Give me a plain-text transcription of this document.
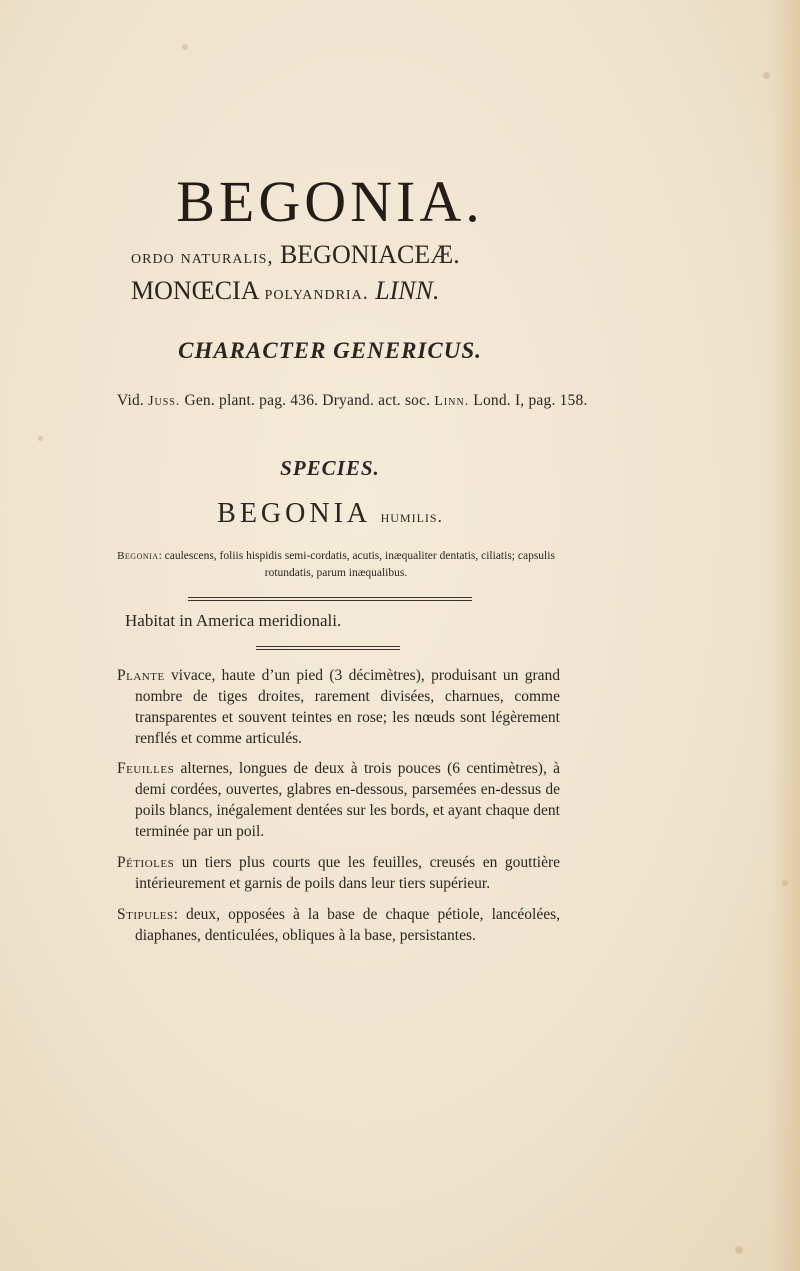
BEGONIA.

ordo naturalis, BEGONIACEÆ.

MONŒCIA polyandria. LINN.

CHARACTER GENERICUS.

Vid. Juss. Gen. plant. pag. 436. Dryand. act. soc. Linn. Lond. I, pag. 158.

SPECIES.

BEGONIA humilis.

Begonia: caulescens, foliis hispidis semi-cordatis, acutis, inæqualiter dentatis, ciliatis; capsulis rotundatis, parum inæqualibus.

Habitat in America meridionali.

Plante vivace, haute d’un pied (3 décimètres), produisant un grand nombre de tiges droites, rarement divisées, charnues, comme transparentes et souvent teintes en rose; les nœuds sont légèrement renflés et comme articulés.

Feuilles alternes, longues de deux à trois pouces (6 centimètres), à demi cordées, ouvertes, glabres en-dessous, parsemées en-dessus de poils blancs, inégalement dentées sur les bords, et ayant chaque dent terminée par un poil.

Pétioles un tiers plus courts que les feuilles, creusés en gouttière intérieurement et garnis de poils dans leur tiers supérieur.

Stipules: deux, opposées à la base de chaque pétiole, lancéolées, diaphanes, denticulées, obliques à la base, persistantes.
